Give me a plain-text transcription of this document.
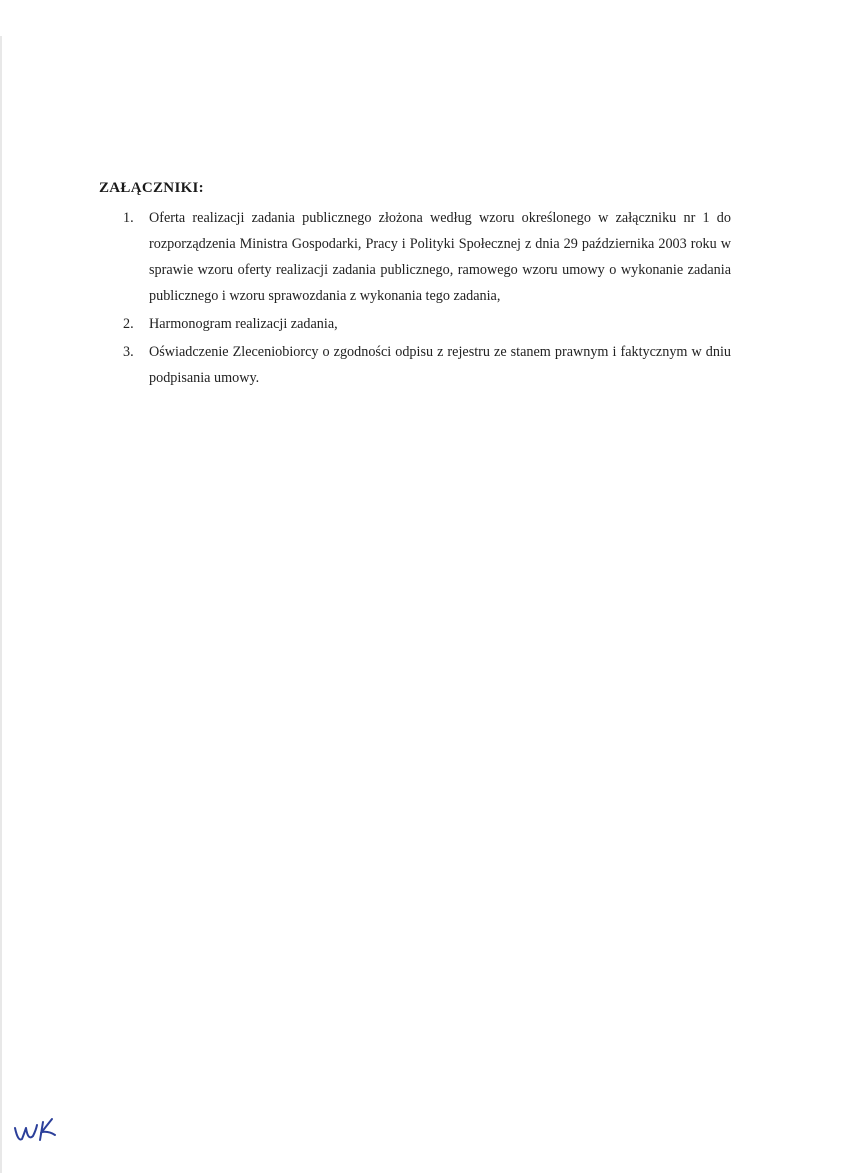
ZAŁĄCZNIKI:
1. Oferta realizacji zadania publicznego złożona według wzoru określonego w załączniku nr 1 do rozporządzenia Ministra Gospodarki, Pracy i Polityki Społecznej z dnia 29 października 2003 roku w sprawie wzoru oferty realizacji zadania publicznego, ramowego wzoru umowy o wykonanie zadania publicznego i wzoru sprawozdania z wykonania tego zadania,
2. Harmonogram realizacji zadania,
3. Oświadczenie Zleceniobiorcy o zgodności odpisu z rejestru ze stanem prawnym i faktycznym w dniu podpisania umowy.
